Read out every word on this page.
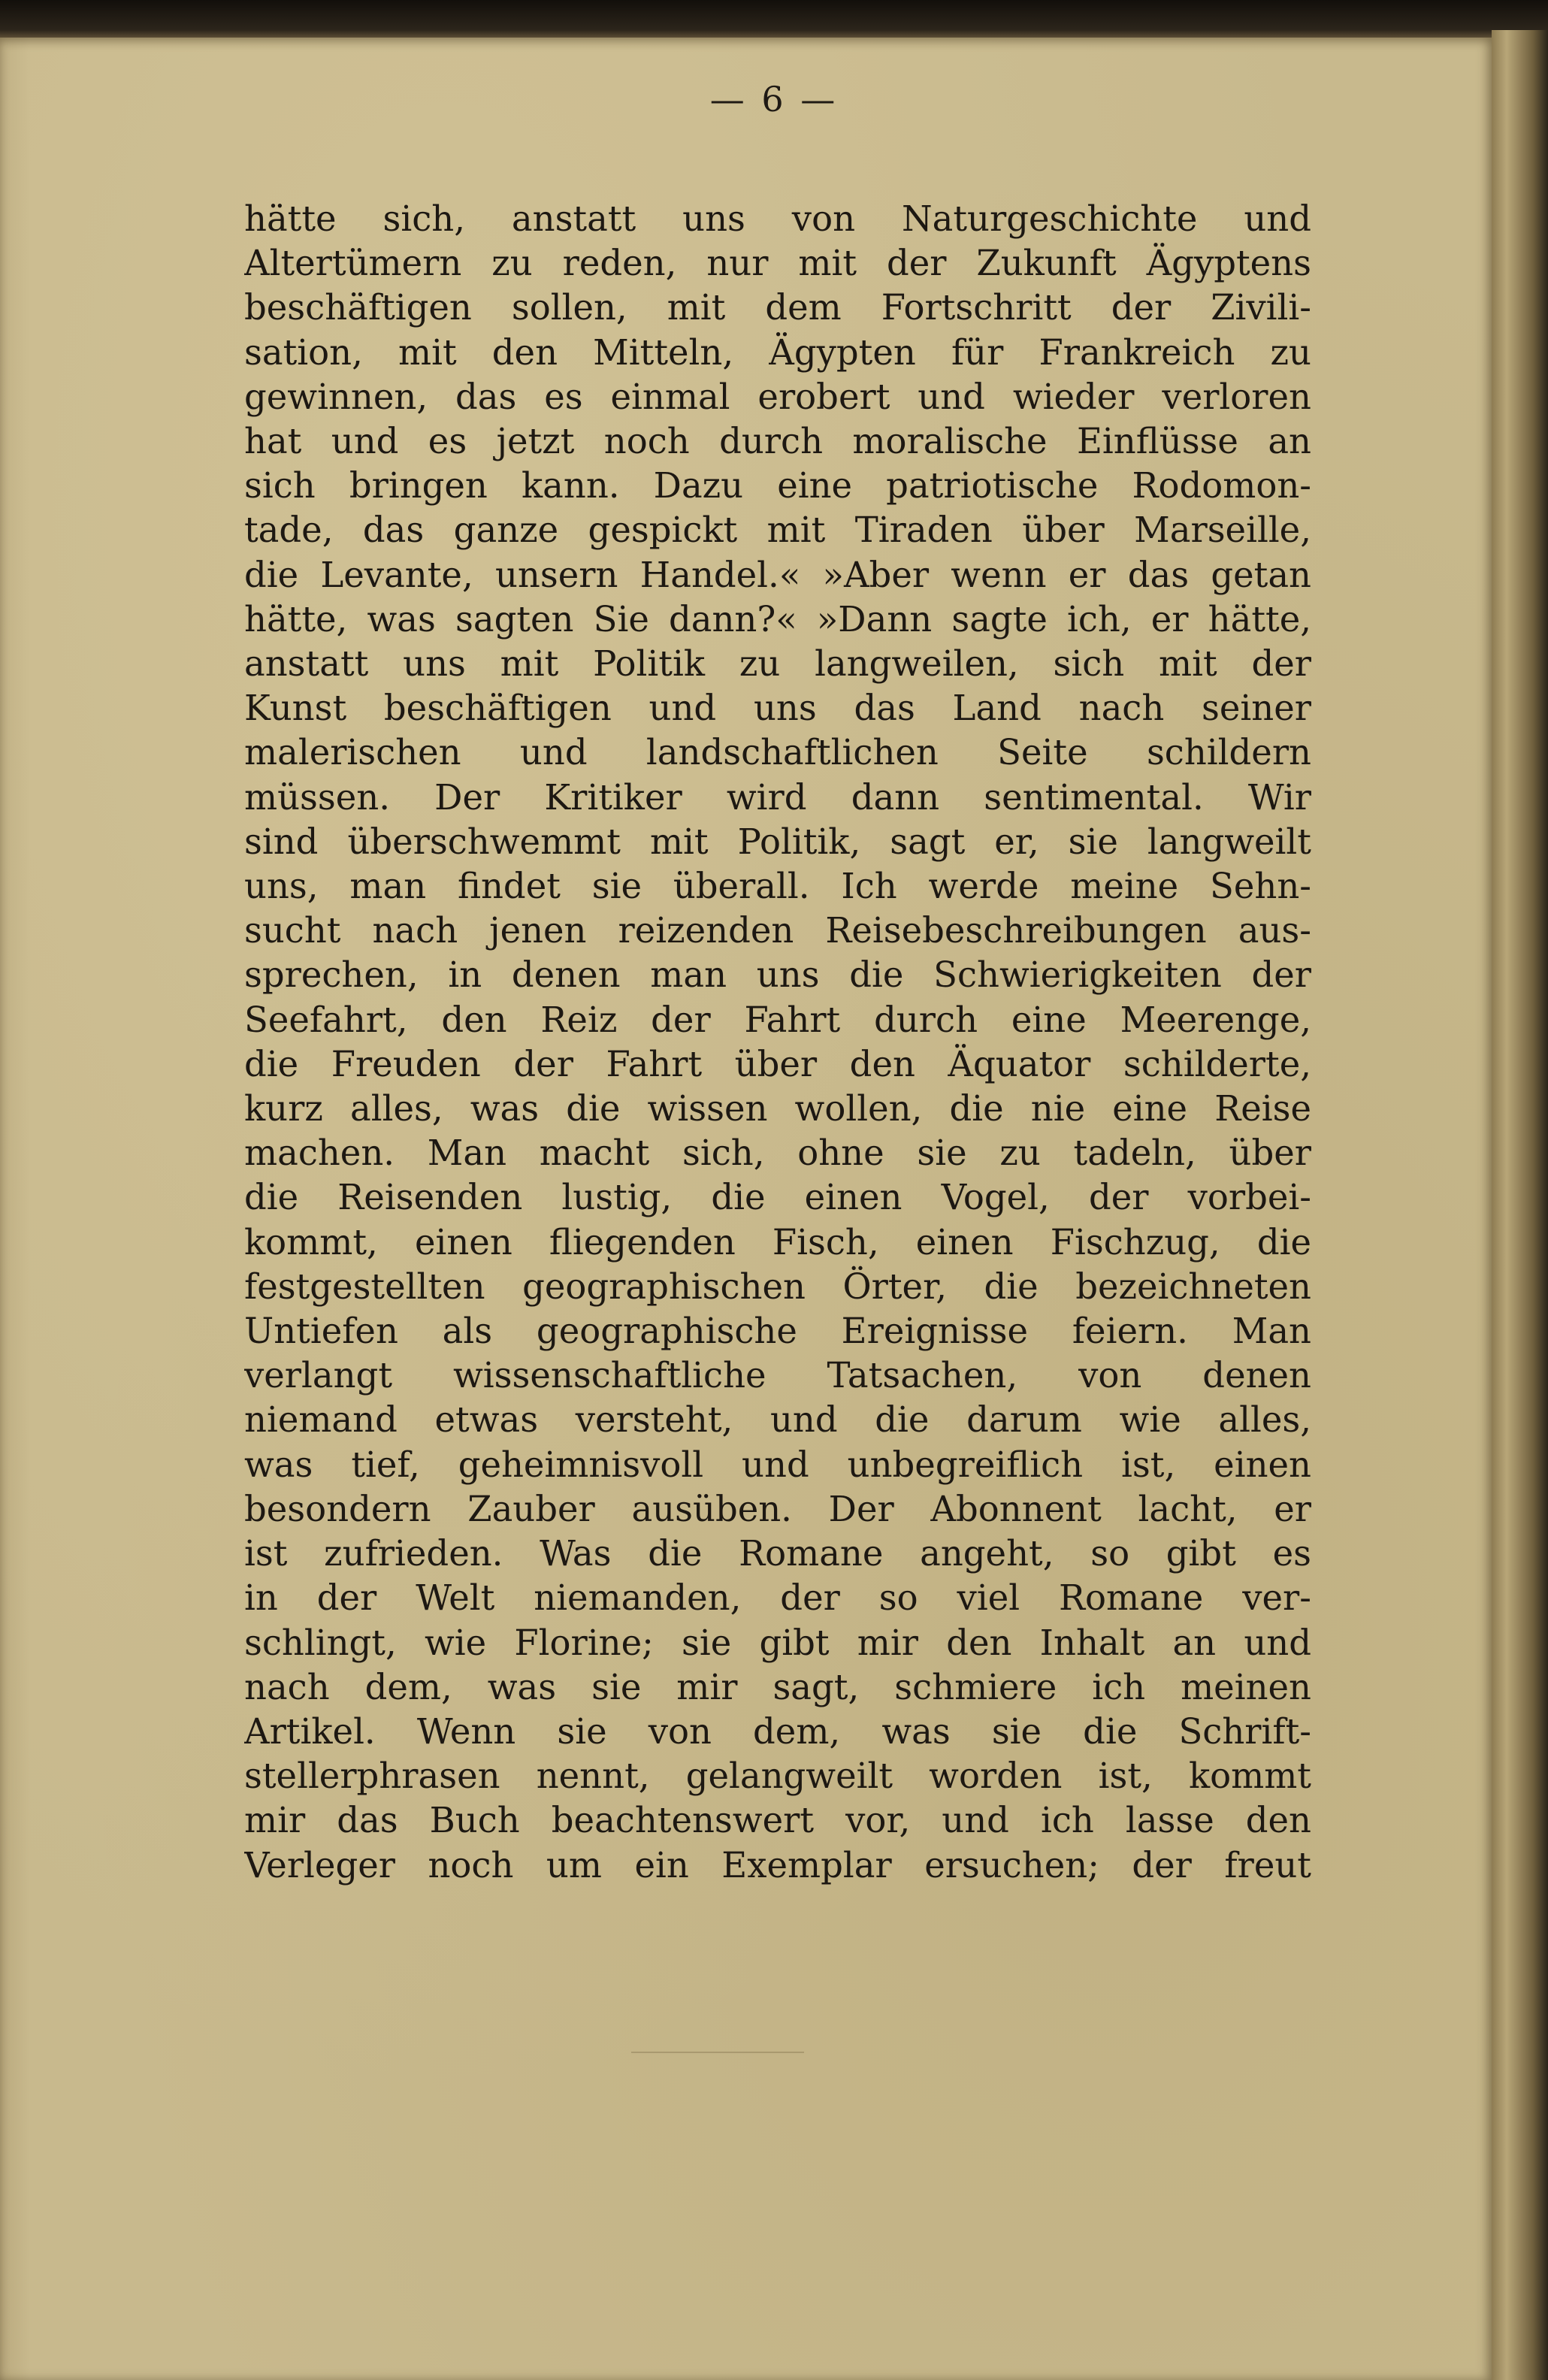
— 6 —
hätte sich, anstatt uns von Naturgeschichte und
Altertümern zu reden, nur mit der Zukunft Ägyptens
beschäftigen sollen, mit dem Fortschritt der Zivili-
sation, mit den Mitteln, Ägypten für Frankreich zu
gewinnen, das es einmal erobert und wieder verloren
hat und es jetzt noch durch moralische Einflüsse an
sich bringen kann. Dazu eine patriotische Rodomon-
tade, das ganze gespickt mit Tiraden über Marseille,
die Levante, unsern Handel.« »Aber wenn er das getan
hätte, was sagten Sie dann?« »Dann sagte ich, er hätte,
anstatt uns mit Politik zu langweilen, sich mit der
Kunst beschäftigen und uns das Land nach seiner
malerischen und landschaftlichen Seite schildern
müssen. Der Kritiker wird dann sentimental. Wir
sind überschwemmt mit Politik, sagt er, sie langweilt
uns, man findet sie überall. Ich werde meine Sehn-
sucht nach jenen reizenden Reisebeschreibungen aus-
sprechen, in denen man uns die Schwierigkeiten der
Seefahrt, den Reiz der Fahrt durch eine Meerenge,
die Freuden der Fahrt über den Äquator schilderte,
kurz alles, was die wissen wollen, die nie eine Reise
machen. Man macht sich, ohne sie zu tadeln, über
die Reisenden lustig, die einen Vogel, der vorbei-
kommt, einen fliegenden Fisch, einen Fischzug, die
festgestellten geographischen Örter, die bezeichneten
Untiefen als geographische Ereignisse feiern. Man
verlangt wissenschaftliche Tatsachen, von denen
niemand etwas versteht, und die darum wie alles,
was tief, geheimnisvoll und unbegreiflich ist, einen
besondern Zauber ausüben. Der Abonnent lacht, er
ist zufrieden. Was die Romane angeht, so gibt es
in der Welt niemanden, der so viel Romane ver-
schlingt, wie Florine; sie gibt mir den Inhalt an und
nach dem, was sie mir sagt, schmiere ich meinen
Artikel. Wenn sie von dem, was sie die Schrift-
stellerphrasen nennt, gelangweilt worden ist, kommt
mir das Buch beachtenswert vor, und ich lasse den
Verleger noch um ein Exemplar ersuchen; der freut
